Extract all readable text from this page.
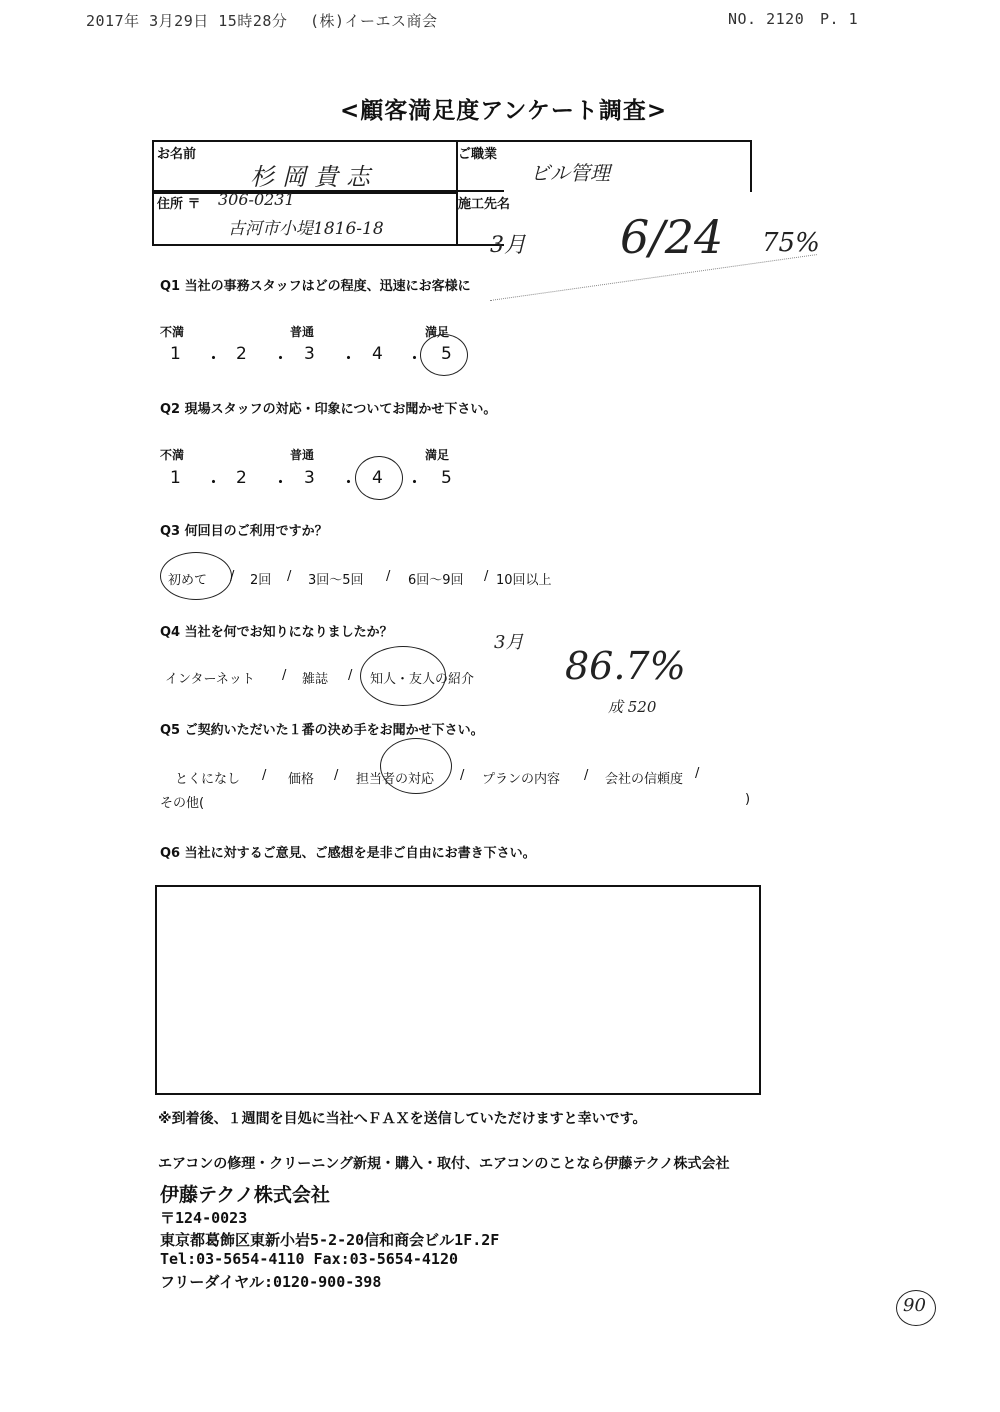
2017年 3月29日 15時28分 (株)イーエス商会	NO. 2120 P. 1
<顧客満足度アンケート調査>
お名前
杉岡貴志
ご職業
ビル管理
住所 〒 306-0231
古河市小堤1816-18
施工先名
3月 6/24 75%
Q1 当社の事務スタッフはどの程度、迅速にお客様に
不満	普通	満足
1 ・ 2 ・ 3 ・ 4 ・ 5
Q2 現場スタッフの対応・印象についてお聞かせ下さい。
不満	普通	満足
1 ・ 2 ・ 3 ・ 4 ・ 5
Q3 何回目のご利用ですか？
初めて / 2回 / 3回～5回 / 6回～9回 / 10回以上
Q4 当社を何でお知りになりましたか？
インターネット / 雑誌 / 知人・友人の紹介
3月
86.7%
成 520
Q5 ご契約いただいた１番の決め手をお聞かせ下さい。
とくになし / 価格 / 担当者の対応 / プランの内容 / 会社の信頼度 /
その他(	)
Q6 当社に対するご意見、ご感想を是非ご自由にお書き下さい。
※到着後、１週間を目処に当社へＦＡＸを送信していただけますと幸いです。
エアコンの修理・クリーニング新規・購入・取付、エアコンのことなら伊藤テクノ株式会社
伊藤テクノ株式会社
〒124-0023
東京都葛飾区東新小岩5-2-20信和商会ビル1F.2F
Tel:03-5654-4110 Fax:03-5654-4120
フリーダイヤル:0120-900-398
90
